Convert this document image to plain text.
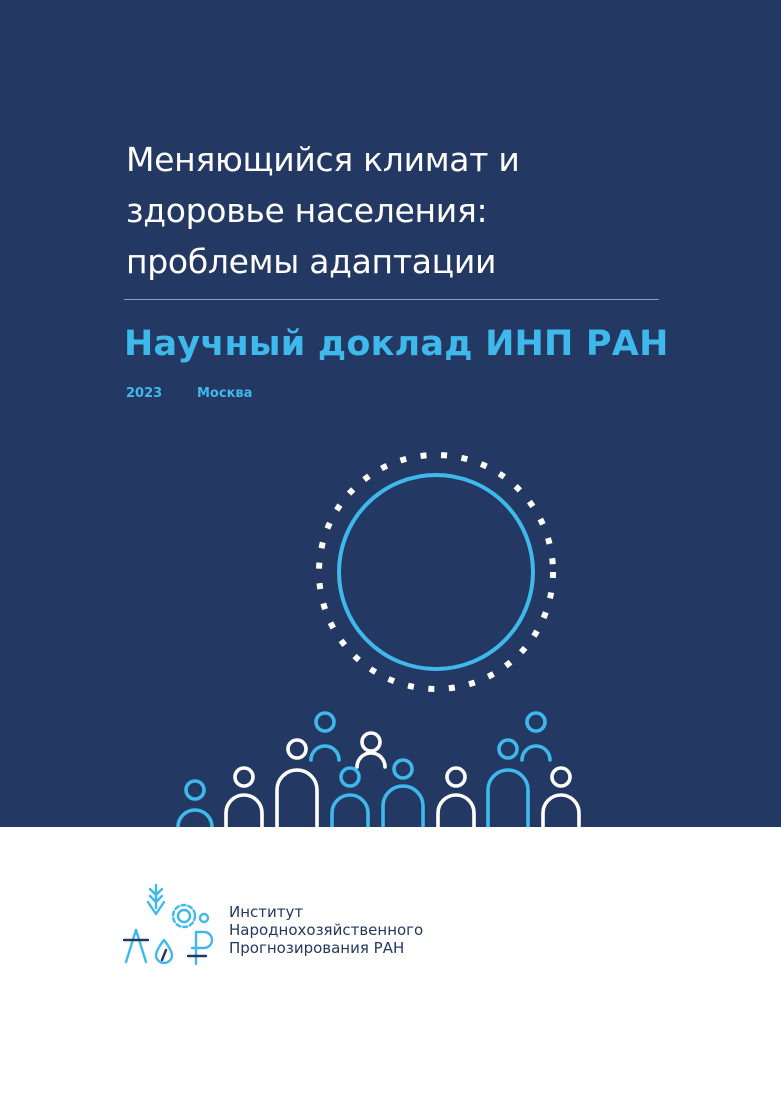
Меняющийся климат и
здоровье населения:
проблемы адаптации
Научный доклад ИНП РАН
2023	Москва
Институт
Народнохозяйственного
Прогнозирования РАН
